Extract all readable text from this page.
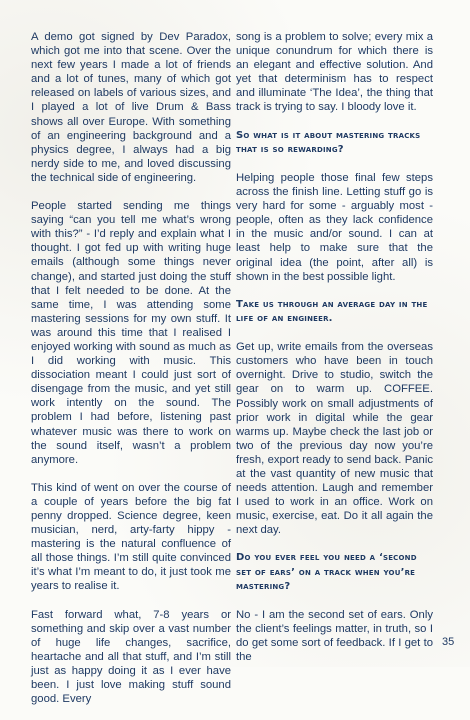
A demo got signed by Dev Paradox, which got me into that scene. Over the next few years I made a lot of friends and a lot of tunes, many of which got released on labels of various sizes, and I played a lot of live Drum & Bass shows all over Europe. With something of an engineering background and a physics degree, I always had a big nerdy side to me, and loved discussing the technical side of engineering.

People started sending me things saying “can you tell me what’s wrong with this?” - I’d reply and explain what I thought. I got fed up with writing huge emails (although some things never change), and started just doing the stuff that I felt needed to be done. At the same time, I was attending some mastering sessions for my own stuff. It was around this time that I realised I enjoyed working with sound as much as I did working with music. This dissociation meant I could just sort of disengage from the music, and yet still work intently on the sound. The problem I had before, listening past whatever music was there to work on the sound itself, wasn’t a problem anymore.

This kind of went on over the course of a couple of years before the big fat penny dropped. Science degree, keen musician, nerd, arty-farty hippy - mastering is the natural confluence of all those things. I’m still quite convinced it’s what I’m meant to do, it just took me years to realise it.

Fast forward what, 7-8 years or something and skip over a vast number of huge life changes, sacrifice, heartache and all that stuff, and I’m still just as happy doing it as I ever have been. I just love making stuff sound good. Every

song is a problem to solve; every mix a unique conundrum for which there is an elegant and effective solution. And yet that determinism has to respect and illuminate ‘The Idea’, the thing that track is trying to say. I bloody love it.

So what is it about mastering tracks that is so rewarding?

Helping people those final few steps across the finish line. Letting stuff go is very hard for some - arguably most - people, often as they lack confidence in the music and/or sound. I can at least help to make sure that the original idea (the point, after all) is shown in the best possible light.

Take us through an average day in the life of an engineer.

Get up, write emails from the overseas customers who have been in touch overnight. Drive to studio, switch the gear on to warm up. COFFEE. Possibly work on small adjustments of prior work in digital while the gear warms up. Maybe check the last job or two of the previous day now you’re fresh, export ready to send back. Panic at the vast quantity of new music that needs attention. Laugh and remember I used to work in an office. Work on music, exercise, eat. Do it all again the next day.

Do you ever feel you need a ‘second set of ears’ on a track when you’re mastering?

No - I am the second set of ears. Only the client’s feelings matter, in truth, so I do get some sort of feedback. If I get to the

35
